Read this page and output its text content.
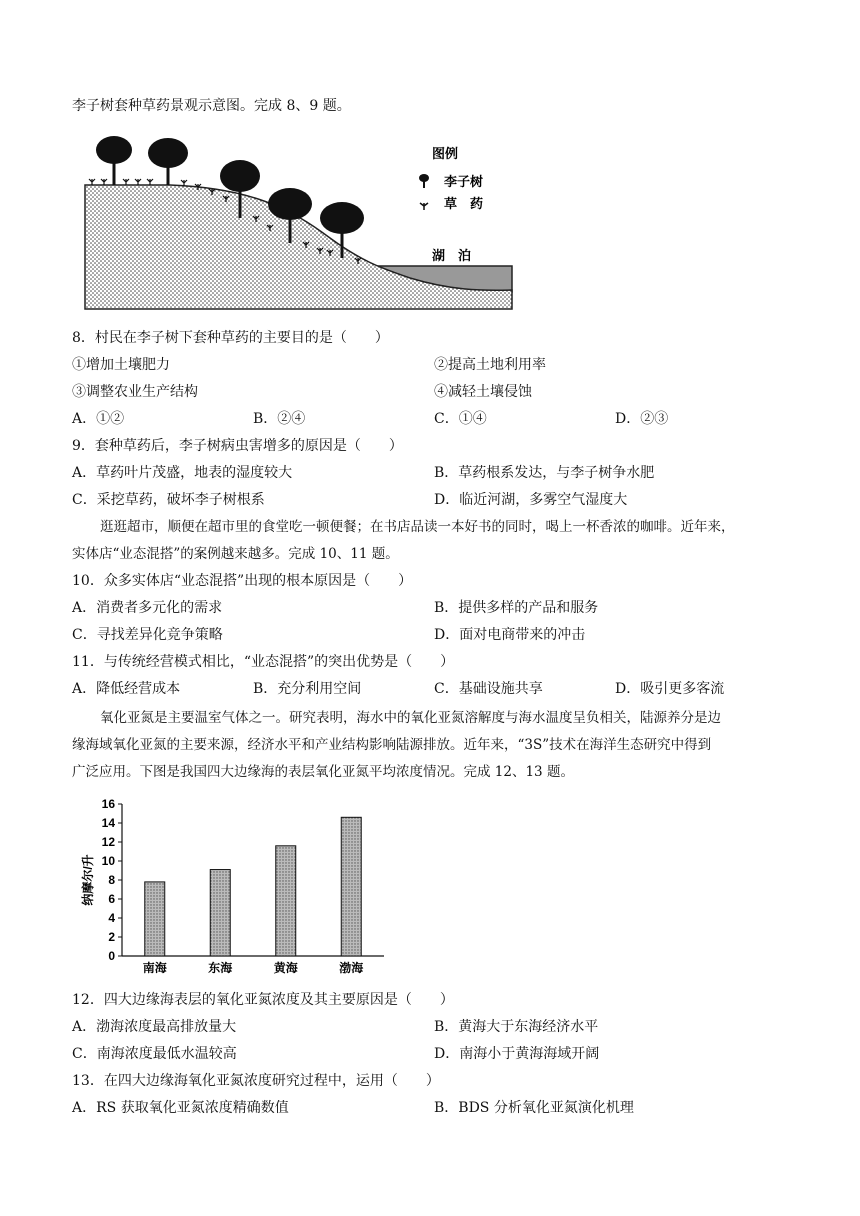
李子树套种草药景观示意图。完成 8、9 题。
图例
李子树
草　药
湖　泊
8．村民在李子树下套种草药的主要目的是（　　）
①增加土壤肥力	②提高土地利用率
③调整农业生产结构	④减轻土壤侵蚀
A．①②	B．②④	C．①④	D．②③
9．套种草药后，李子树病虫害增多的原因是（　　）
A．草药叶片茂盛，地表的湿度较大	B．草药根系发达，与李子树争水肥
C．采挖草药，破坏李子树根系	D．临近河湖，多雾空气湿度大
逛逛超市，顺便在超市里的食堂吃一顿便餐；在书店品读一本好书的同时，喝上一杯香浓的咖啡。近年来，
实体店“业态混搭”的案例越来越多。完成 10、11 题。
10．众多实体店“业态混搭”出现的根本原因是（　　）
A．消费者多元化的需求	B．提供多样的产品和服务
C．寻找差异化竞争策略	D．面对电商带来的冲击
11．与传统经营模式相比，“业态混搭”的突出优势是（　　）
A．降低经营成本	B．充分利用空间	C．基础设施共享	D．吸引更多客流
氧化亚氮是主要温室气体之一。研究表明，海水中的氧化亚氮溶解度与海水温度呈负相关，陆源养分是边
缘海域氧化亚氮的主要来源，经济水平和产业结构影响陆源排放。近年来，“3S”技术在海洋生态研究中得到
广泛应用。下图是我国四大边缘海的表层氧化亚氮平均浓度情况。完成 12、13 题。
0
2
4
6
8
10
12
14
16
南海	东海	黄海	渤海
纳摩尔/升
12．四大边缘海表层的氧化亚氮浓度及其主要原因是（　　）
A．渤海浓度最高排放量大	B．黄海大于东海经济水平
C．南海浓度最低水温较高	D．南海小于黄海海域开阔
13．在四大边缘海氧化亚氮浓度研究过程中，运用（　　）
A．RS 获取氧化亚氮浓度精确数值	B．BDS 分析氧化亚氮演化机理
